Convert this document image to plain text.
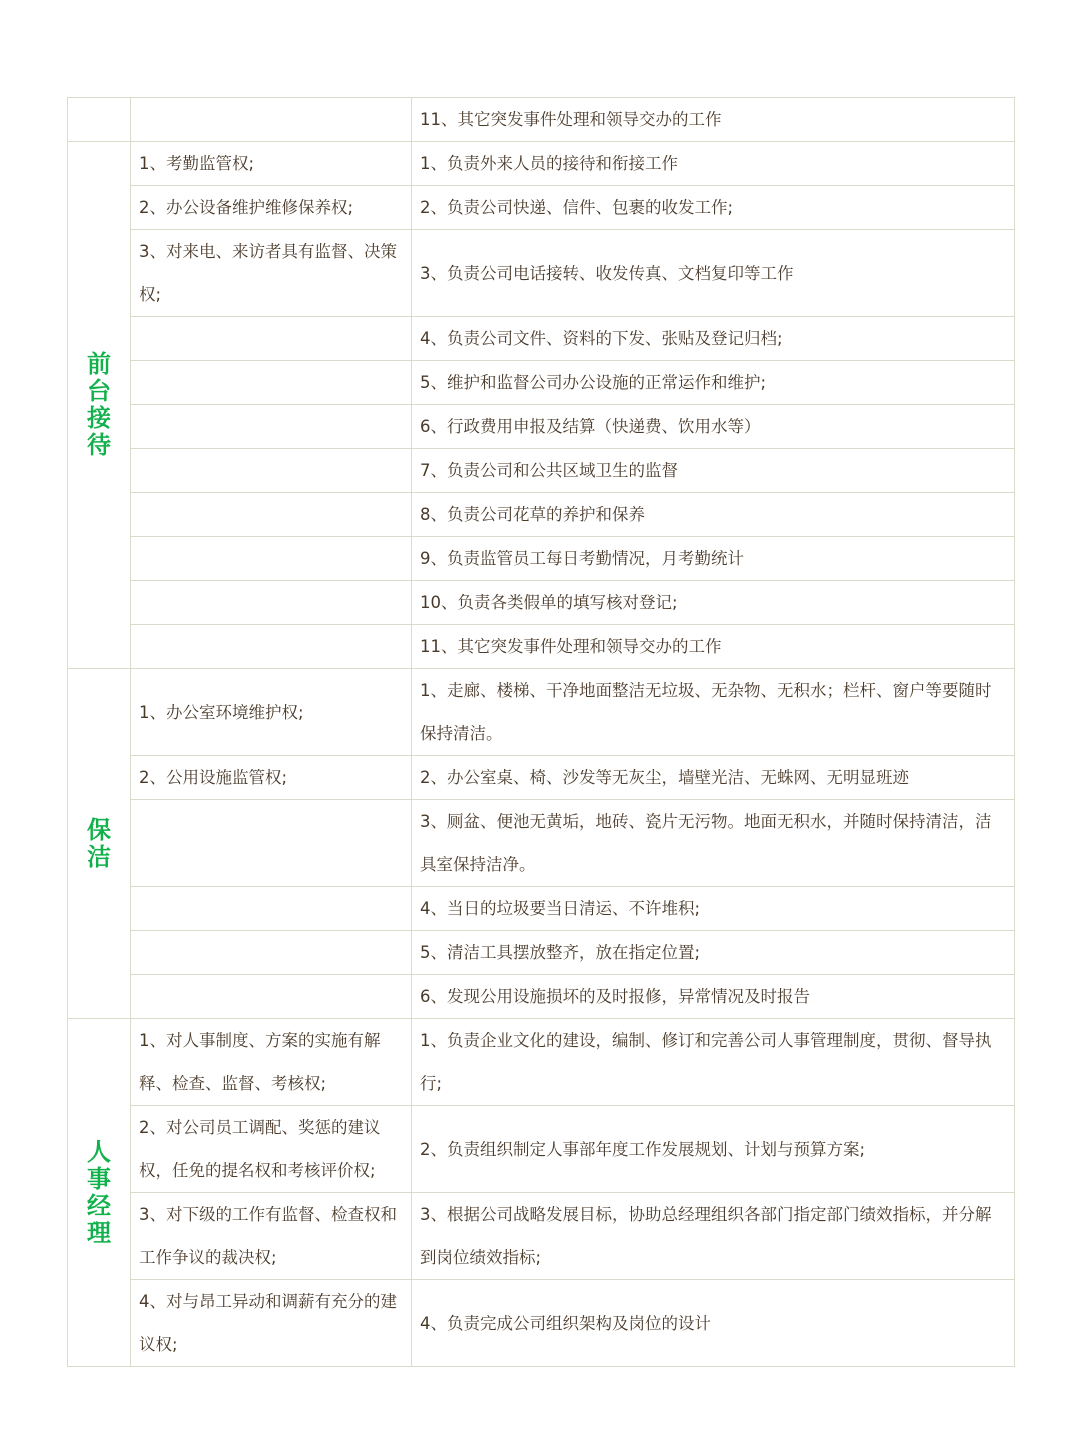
		11、其它突发事件处理和领导交办的工作
前台接待	1、考勤监管权;	1、负责外来人员的接待和衔接工作
	2、办公设备维护维修保养权;	2、负责公司快递、信件、包裹的收发工作;
	3、对来电、来访者具有监督、决策权;	3、负责公司电话接转、收发传真、文档复印等工作
		4、负责公司文件、资料的下发、张贴及登记归档;
		5、维护和监督公司办公设施的正常运作和维护;
		6、行政费用申报及结算（快递费、饮用水等）
		7、负责公司和公共区域卫生的监督
		8、负责公司花草的养护和保养
		9、负责监管员工每日考勤情况，月考勤统计
		10、负责各类假单的填写核对登记;
		11、其它突发事件处理和领导交办的工作
保洁	1、办公室环境维护权;	1、走廊、楼梯、干净地面整洁无垃圾、无杂物、无积水；栏杆、窗户等要随时保持清洁。
	2、公用设施监管权;	2、办公室桌、椅、沙发等无灰尘，墙壁光洁、无蛛网、无明显班迹
		3、厕盆、便池无黄垢，地砖、瓷片无污物。地面无积水，并随时保持清洁，洁具室保持洁净。
		4、当日的垃圾要当日清运、不许堆积;
		5、清洁工具摆放整齐，放在指定位置;
		6、发现公用设施损坏的及时报修，异常情况及时报告
人事经理	1、对人事制度、方案的实施有解释、检查、监督、考核权;	1、负责企业文化的建设，编制、修订和完善公司人事管理制度，贯彻、督导执行;
	2、对公司员工调配、奖惩的建议权，任免的提名权和考核评价权;	2、负责组织制定人事部年度工作发展规划、计划与预算方案;
	3、对下级的工作有监督、检查权和工作争议的裁决权;	3、根据公司战略发展目标，协助总经理组织各部门指定部门绩效指标，并分解到岗位绩效指标;
	4、对与昂工异动和调薪有充分的建议权;	4、负责完成公司组织架构及岗位的设计
